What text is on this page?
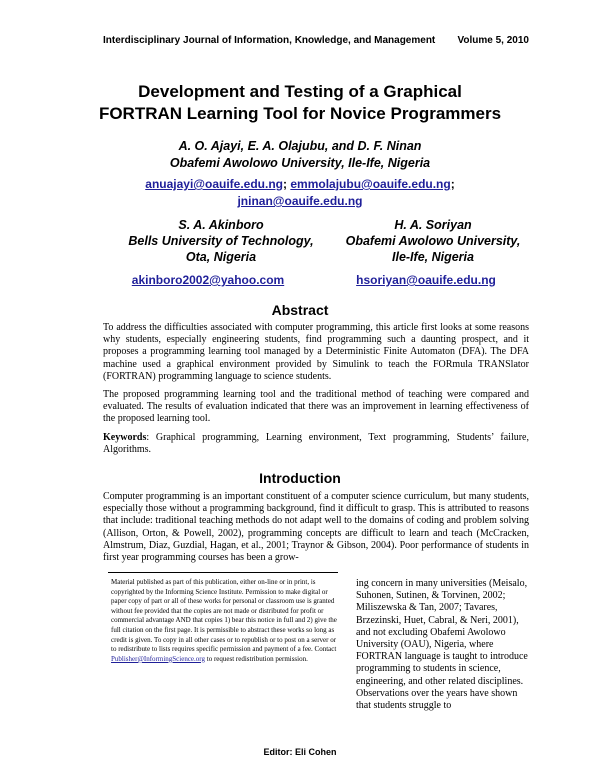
Interdisciplinary Journal of Information, Knowledge, and Management Volume 5, 2010
Development and Testing of a Graphical
FORTRAN Learning Tool for Novice Programmers
A. O. Ajayi, E. A. Olajubu, and D. F. Ninan
Obafemi Awolowo University, Ile-Ife, Nigeria
anuajayi@oauife.edu.ng; emmolajubu@oauife.edu.ng;
jninan@oauife.edu.ng
S. A. Akinboro
Bells University of Technology,
Ota, Nigeria
akinboro2002@yahoo.com
H. A. Soriyan
Obafemi Awolowo University,
Ile-Ife, Nigeria
hsoriyan@oauife.edu.ng
Abstract

To address the difficulties associated with computer programming, this article first looks at some reasons why students, especially engineering students, find programming such a daunting prospect, and it proposes a programming learning tool managed by a Deterministic Finite Automaton (DFA). The DFA machine used a graphical environment provided by Simulink to teach the FORmula TRANSlator (FORTRAN) programming language to science students.

The proposed programming learning tool and the traditional method of teaching were compared and evaluated. The results of evaluation indicated that there was an improvement in learning effectiveness of the proposed learning tool.

Keywords: Graphical programming, Learning environment, Text programming, Students’ failure, Algorithms.

Introduction

Computer programming is an important constituent of a computer science curriculum, but many students, especially those without a programming background, find it difficult to grasp. This is attributed to reasons that include: traditional teaching methods do not adapt well to the domains of coding and problem solving (Allison, Orton, & Powell, 2002), programming concepts are difficult to learn and teach (McCracken, Almstrum, Diaz, Guzdial, Hagan, et al., 2001; Traynor & Gibson, 2004). Poor performance of students in first year programming courses has been a grow-

Material published as part of this publication, either on-line or in print, is copyrighted by the Informing Science Institute. Permission to make digital or paper copy of part or all of these works for personal or classroom use is granted without fee provided that the copies are not made or distributed for profit or commercial advantage AND that copies 1) bear this notice in full and 2) give the full citation on the first page. It is permissible to abstract these works so long as credit is given. To copy in all other cases or to republish or to post on a server or to redistribute to lists requires specific permission and payment of a fee. Contact Publisher@InformingScience.org to request redistribution permission.
ing concern in many universities (Meisalo, Suhonen, Sutinen, & Torvinen, 2002; Miliszewska & Tan, 2007; Tavares, Brzezinski, Huet, Cabral, & Neri, 2001), and not excluding Obafemi Awolowo University (OAU), Nigeria, where FORTRAN language is taught to introduce programming to students in science, engineering, and other related disciplines. Observations over the years have shown that students struggle to
Editor: Eli Cohen
